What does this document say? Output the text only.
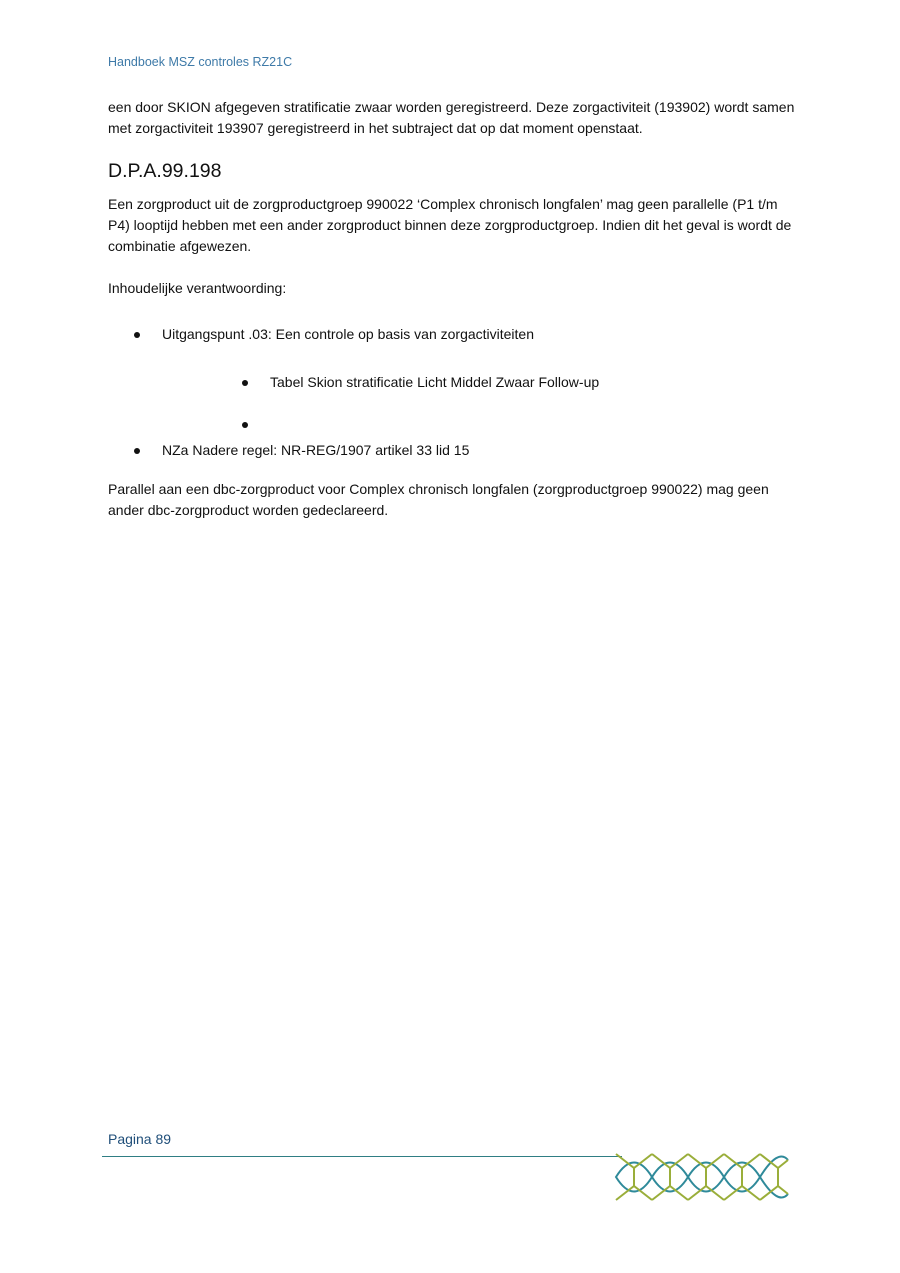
Handboek MSZ controles RZ21C

een door SKION afgegeven stratificatie zwaar worden geregistreerd. Deze zorgactiviteit (193902) wordt samen met zorgactiviteit 193907 geregistreerd in het subtraject dat op dat moment openstaat.

D.P.A.99.198

Een zorgproduct uit de zorgproductgroep 990022 ‘Complex chronisch longfalen’ mag geen parallelle (P1 t/m P4) looptijd hebben met een ander zorgproduct binnen deze zorgproductgroep. Indien dit het geval is wordt de combinatie afgewezen.

Inhoudelijke verantwoording:

Uitgangspunt .03: Een controle op basis van zorgactiviteiten
Tabel Skion stratificatie Licht Middel Zwaar Follow-up
NZa Nadere regel: NR-REG/1907 artikel 33 lid 15

Parallel aan een dbc-zorgproduct voor Complex chronisch longfalen (zorgproductgroep 990022) mag geen ander dbc-zorgproduct worden gedeclareerd.

Pagina 89
